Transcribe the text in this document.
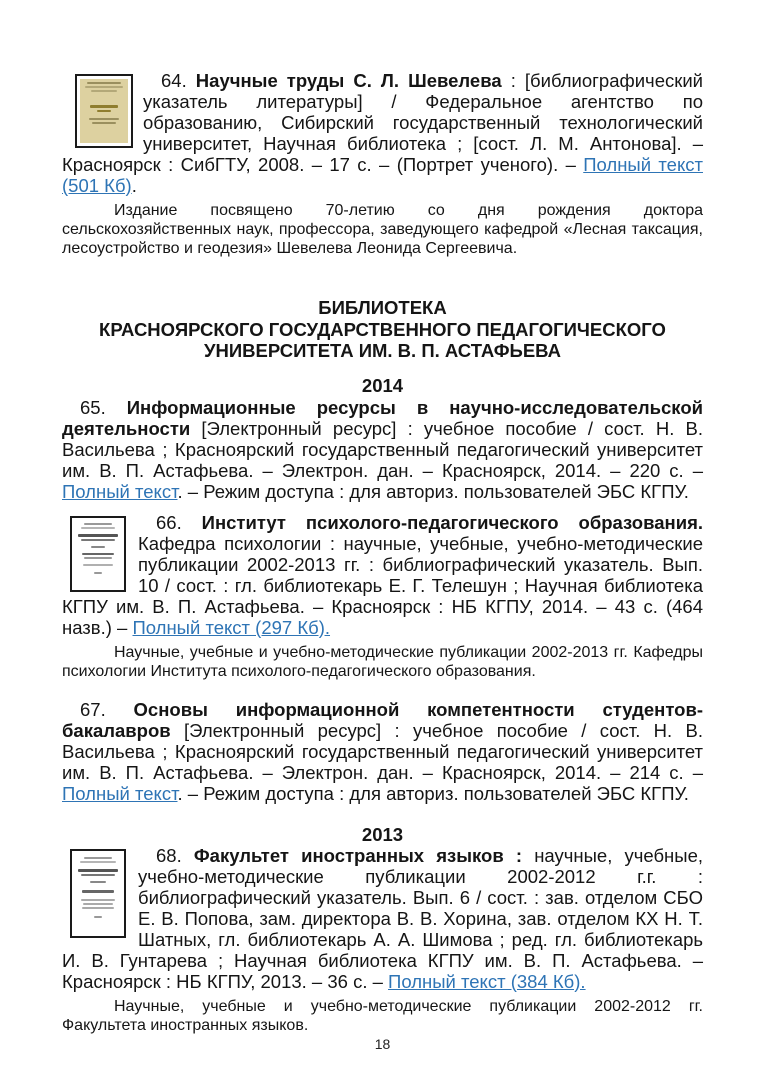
64. Научные труды С. Л. Шевелева : [библиографический указатель литературы] / Федеральное агентство по образованию, Сибирский государственный технологический университет, Научная библиотека ; [сост. Л. М. Антонова]. – Красноярск : СибГТУ, 2008. – 17 с. – (Портрет ученого). – Полный текст (501 Кб).

Издание посвящено 70-летию со дня рождения доктора сельскохозяйственных наук, профессора, заведующего кафедрой «Лесная таксация, лесоустройство и геодезия» Шевелева Леонида Сергеевича.

БИБЛИОТЕКА
КРАСНОЯРСКОГО ГОСУДАРСТВЕННОГО ПЕДАГОГИЧЕСКОГО
УНИВЕРСИТЕТА ИМ. В. П. АСТАФЬЕВА
2014

65. Информационные ресурсы в научно-исследовательской деятельности [Электронный ресурс] : учебное пособие / сост. Н. В. Васильева ; Красноярский государственный педагогический университет им. В. П. Астафьева. – Электрон. дан. – Красноярск, 2014. – 220 с. – Полный текст. – Режим доступа : для авториз. пользователей ЭБС КГПУ.

66. Институт психолого-педагогического образования. Кафедра психологии : научные, учебные, учебно-методические публикации 2002-2013 гг. : библиографический указатель. Вып. 10 / сост. : гл. библиотекарь Е. Г. Телешун ; Научная библиотека КГПУ им. В. П. Астафьева. – Красноярск : НБ КГПУ, 2014. – 43 с. (464 назв.) – Полный текст (297 Кб).

Научные, учебные и учебно-методические публикации 2002-2013 гг. Кафедры психологии Института психолого-педагогического образования.

67. Основы информационной компетентности студентов-бакалавров [Электронный ресурс] : учебное пособие / сост. Н. В. Васильева ; Красноярский государственный педагогический университет им. В. П. Астафьева. – Электрон. дан. – Красноярск, 2014. – 214 с. – Полный текст. – Режим доступа : для авториз. пользователей ЭБС КГПУ.

2013

68. Факультет иностранных языков : научные, учебные, учебно-методические публикации 2002-2012 г.г. : библиографический указатель. Вып. 6 / сост. : зав. отделом СБО Е. В. Попова, зам. директора В. В. Хорина, зав. отделом КХ Н. Т. Шатных, гл. библиотекарь А. А. Шимова ; ред. гл. библиотекарь И. В. Гунтарева ; Научная библиотека КГПУ им. В. П. Астафьева. – Красноярск : НБ КГПУ, 2013. – 36 с. – Полный текст (384 Кб).

Научные, учебные и учебно-методические публикации 2002-2012 гг. Факультета иностранных языков.

18
